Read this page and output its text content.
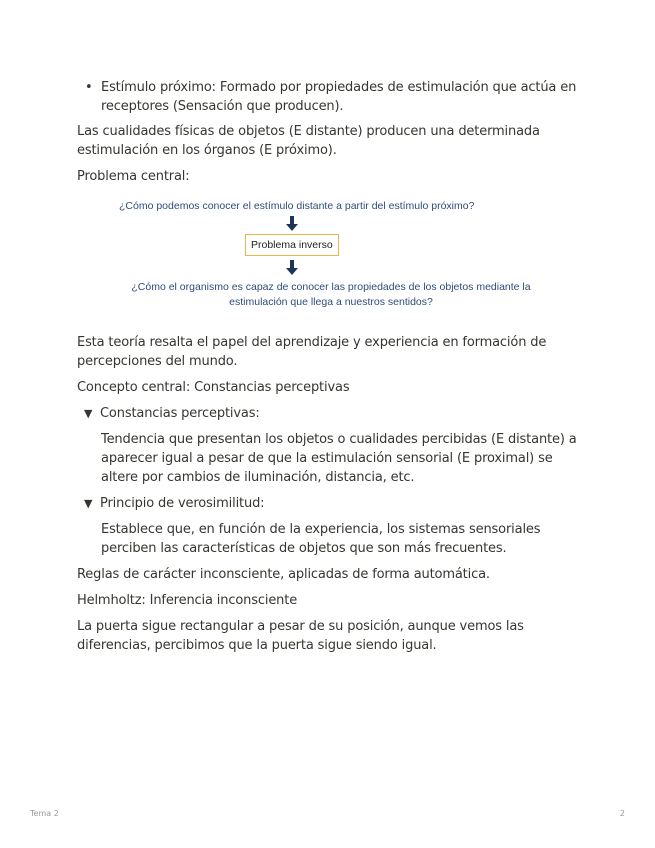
• Estímulo próximo: Formado por propiedades de estimulación que actúa en receptores (Sensación que producen).

Las cualidades físicas de objetos (E distante) producen una determinada estimulación en los órganos (E próximo).

Problema central:

¿Cómo podemos conocer el estímulo distante a partir del estímulo próximo?
Problema inverso
¿Cómo el organismo es capaz de conocer las propiedades de los objetos mediante la estimulación que llega a nuestros sentidos?

Esta teoría resalta el papel del aprendizaje y experiencia en formación de percepciones del mundo.

Concepto central: Constancias perceptivas

▼ Constancias perceptivas:
Tendencia que presentan los objetos o cualidades percibidas (E distante) a aparecer igual a pesar de que la estimulación sensorial (E proximal) se altere por cambios de iluminación, distancia, etc.
▼ Principio de verosimilitud:
Establece que, en función de la experiencia, los sistemas sensoriales perciben las características de objetos que son más frecuentes.

Reglas de carácter inconsciente, aplicadas de forma automática.

Helmholtz: Inferencia inconsciente

La puerta sigue rectangular a pesar de su posición, aunque vemos las diferencias, percibimos que la puerta sigue siendo igual.

Tema 2	2
